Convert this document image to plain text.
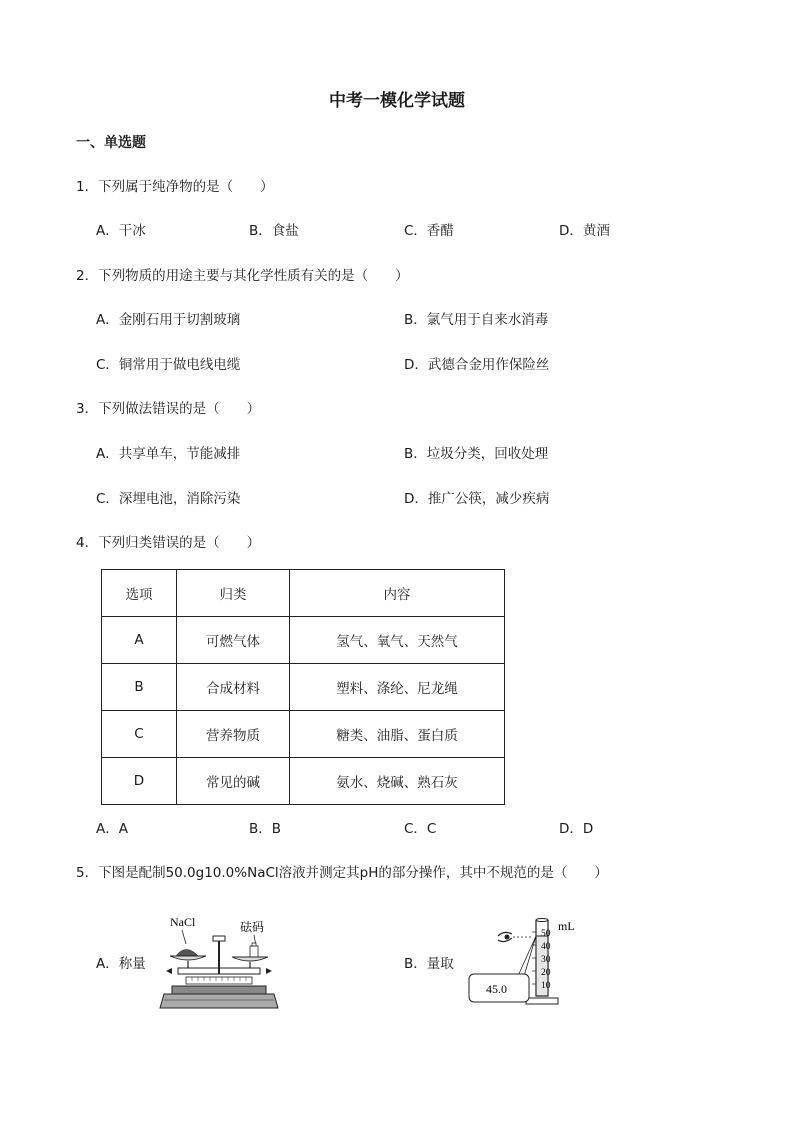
中考一模化学试题
一、单选题
1．下列属于纯净物的是（　　）
A．干冰	B．食盐	C．香醋	D．黄酒
2．下列物质的用途主要与其化学性质有关的是（　　）
A．金刚石用于切割玻璃	B．氯气用于自来水消毒
C．铜常用于做电线电缆	D．武德合金用作保险丝
3．下列做法错误的是（　　）
A．共享单车，节能减排	B．垃圾分类，回收处理
C．深埋电池，消除污染	D．推广公筷，减少疾病
4．下列归类错误的是（　　）
选项	归类	内容
A	可燃气体	氢气、氧气、天然气
B	合成材料	塑料、涤纶、尼龙绳
C	营养物质	糖类、油脂、蛋白质
D	常见的碱	氨水、烧碱、熟石灰
A．A	B．B	C．C	D．D
5．下图是配制50.0g10.0%NaCl溶液并测定其pH的部分操作，其中不规范的是（　　）
A．称量	B．量取
NaCl	砝码	mL
50
40
30
20
10
45.0
